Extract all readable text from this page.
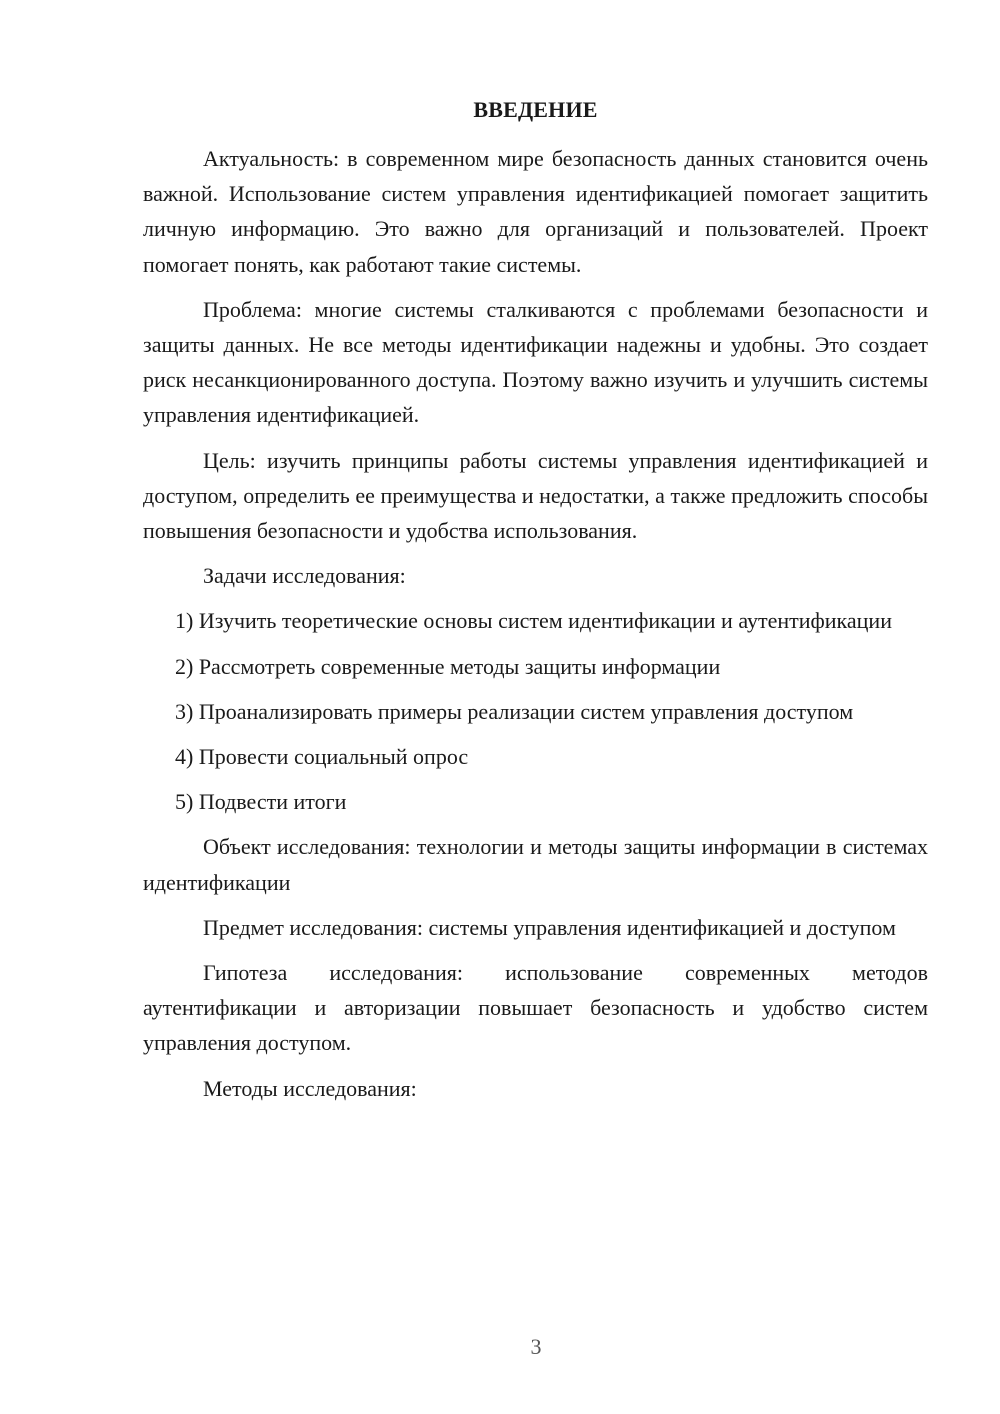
ВВЕДЕНИЕ

Актуальность: в современном мире безопасность данных становится очень важной. Использование систем управления идентификацией помогает защитить личную информацию. Это важно для организаций и пользователей. Проект помогает понять, как работают такие системы.

Проблема: многие системы сталкиваются с проблемами безопасности и защиты данных. Не все методы идентификации надежны и удобны. Это создает риск несанкционированного доступа. Поэтому важно изучить и улучшить системы управления идентификацией.

Цель: изучить принципы работы системы управления идентификацией и доступом, определить ее преимущества и недостатки, а также предложить способы повышения безопасности и удобства использования.

Задачи исследования:

1) Изучить теоретические основы систем идентификации и аутентификации

2) Рассмотреть современные методы защиты информации

3) Проанализировать примеры реализации систем управления доступом

4) Провести социальный опрос

5) Подвести итоги

Объект исследования: технологии и методы защиты информации в системах идентификации

Предмет исследования: системы управления идентификацией и доступом

Гипотеза исследования: использование современных методов аутентификации и авторизации повышает безопасность и удобство систем управления доступом.

Методы исследования:

3
